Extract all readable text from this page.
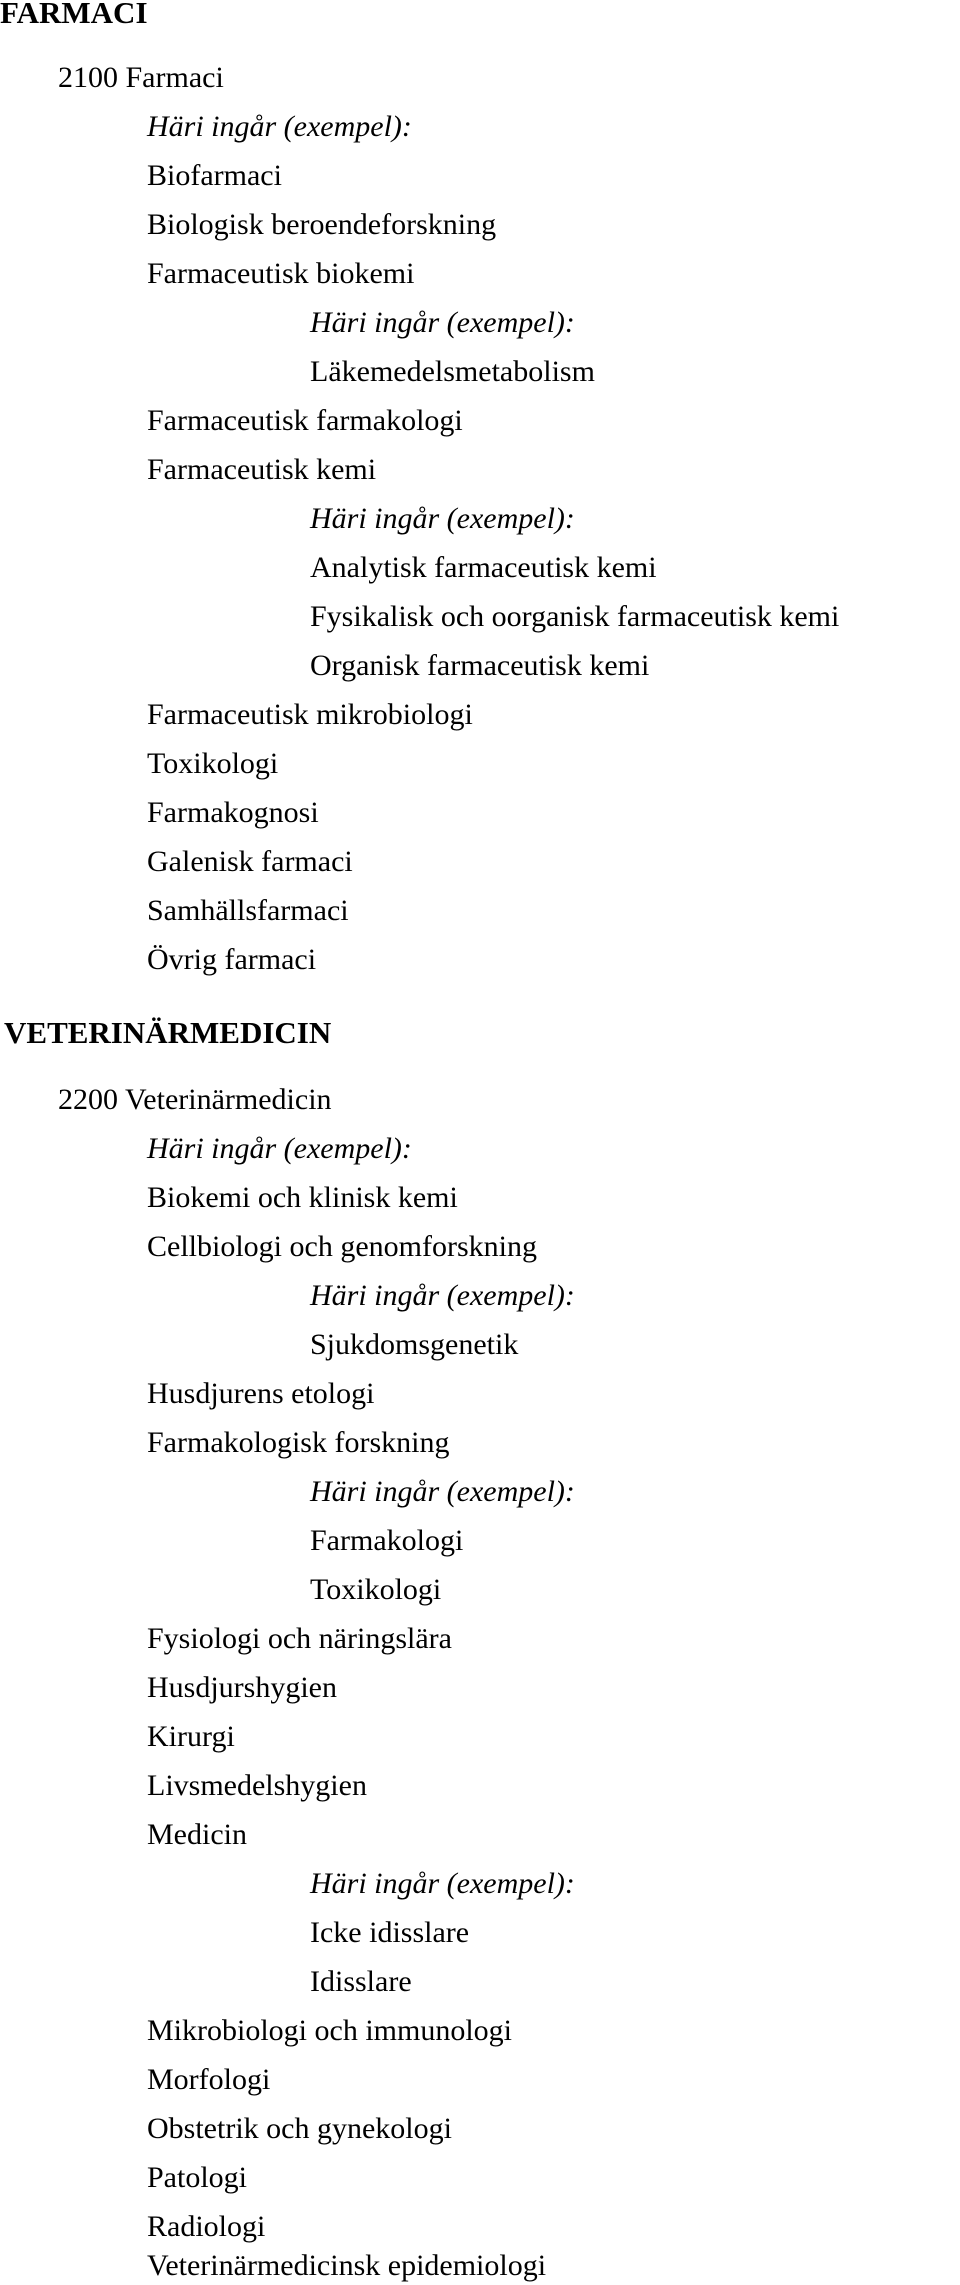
FARMACI
2100 Farmaci
Häri ingår (exempel):
Biofarmaci
Biologisk beroendeforskning
Farmaceutisk biokemi
Häri ingår (exempel):
Läkemedelsmetabolism
Farmaceutisk farmakologi
Farmaceutisk kemi
Häri ingår (exempel):
Analytisk farmaceutisk kemi
Fysikalisk och oorganisk farmaceutisk kemi
Organisk farmaceutisk kemi
Farmaceutisk mikrobiologi
Toxikologi
Farmakognosi
Galenisk farmaci
Samhällsfarmaci
Övrig farmaci
VETERINÄRMEDICIN
2200 Veterinärmedicin
Häri ingår (exempel):
Biokemi och klinisk kemi
Cellbiologi och genomforskning
Häri ingår (exempel):
Sjukdomsgenetik
Husdjurens etologi
Farmakologisk forskning
Häri ingår (exempel):
Farmakologi
Toxikologi
Fysiologi och näringslära
Husdjurshygien
Kirurgi
Livsmedelshygien
Medicin
Häri ingår (exempel):
Icke idisslare
Idisslare
Mikrobiologi och immunologi
Morfologi
Obstetrik och gynekologi
Patologi
Radiologi
Veterinärmedicinsk epidemiologi
